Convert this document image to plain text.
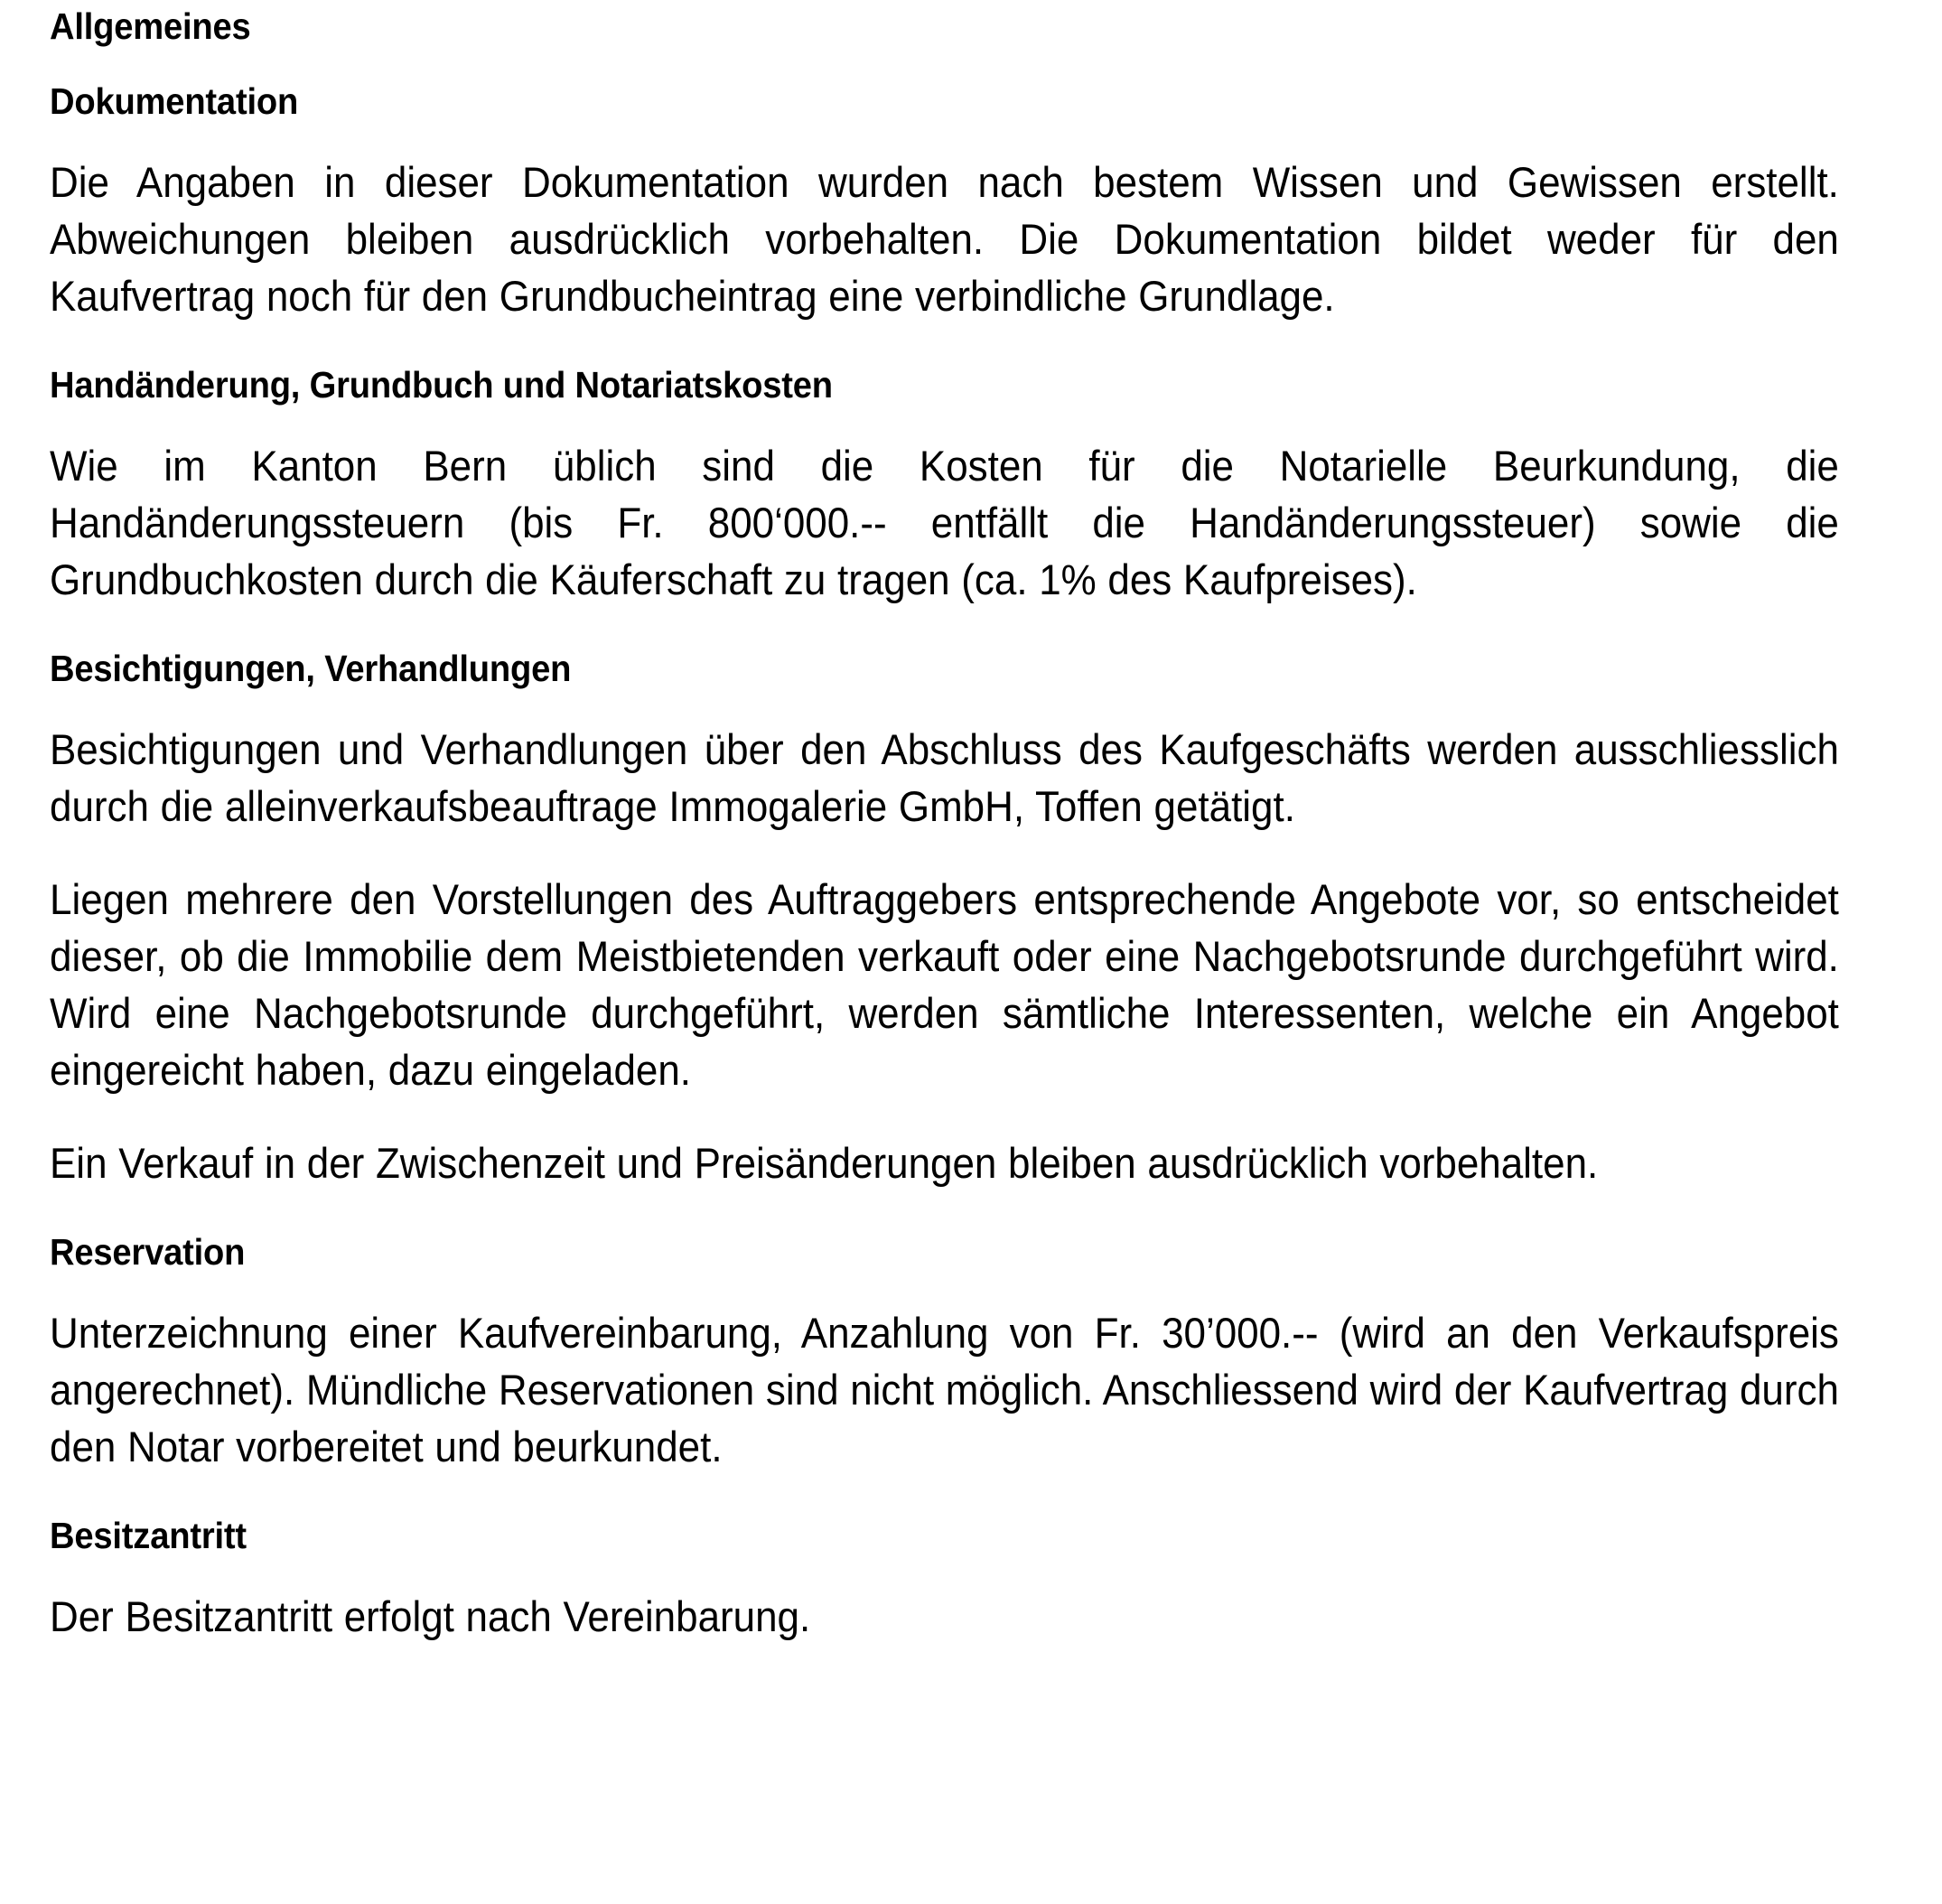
Allgemeines
Dokumentation

Die Angaben in dieser Dokumentation wurden nach bestem Wissen und Gewissen erstellt. Abweichungen bleiben ausdrücklich vorbehalten. Die Dokumentation bildet weder für den Kaufvertrag noch für den Grundbucheintrag eine verbindliche Grundlage.

Handänderung, Grundbuch und Notariatskosten

Wie im Kanton Bern üblich sind die Kosten für die Notarielle Beurkundung, die Handänderungssteuern (bis Fr. 800‘000.-- entfällt die Handänderungssteuer) sowie die Grundbuchkosten durch die Käuferschaft zu tragen (ca. 1% des Kaufpreises).

Besichtigungen, Verhandlungen

Besichtigungen und Verhandlungen über den Abschluss des Kaufgeschäfts werden ausschliesslich durch die alleinverkaufsbeauftrage Immogalerie GmbH, Toffen getätigt.

Liegen mehrere den Vorstellungen des Auftraggebers entsprechende Angebote vor, so entscheidet dieser, ob die Immobilie dem Meistbietenden verkauft oder eine Nachgebotsrunde durchgeführt wird. Wird eine Nachgebotsrunde durchgeführt, werden sämtliche Interessenten, welche ein Angebot eingereicht haben, dazu eingeladen.

Ein Verkauf in der Zwischenzeit und Preisänderungen bleiben ausdrücklich vorbehalten.

Reservation

Unterzeichnung einer Kaufvereinbarung, Anzahlung von Fr. 30’000.-- (wird an den Verkaufspreis angerechnet). Mündliche Reservationen sind nicht möglich. Anschliessend wird der Kaufvertrag durch den Notar vorbereitet und beurkundet.

Besitzantritt

Der Besitzantritt erfolgt nach Vereinbarung.
